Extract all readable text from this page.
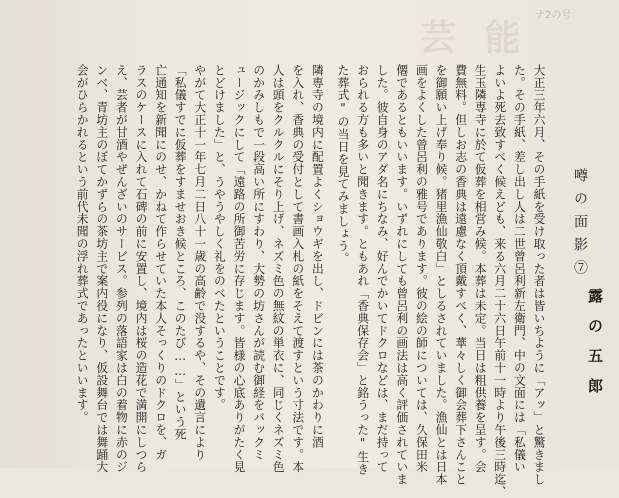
芸 能
ナ2の号
噂の面影⑦
露の五郎
大正三年六月、その手紙を受け取った者は皆いちように「アッ」と驚きまし
た。その手紙、差し出し人は二世曾呂利新左衛門、中の文面には「私儀い
よいよ死去致すべく候えども、来る六月二十六日午前十一時より午後三時迄、
生玉隣専寺に於て仮葬を相営み候。本葬は未定。当日は粗供養を呈す。会
費無料。但しお志の香典は遠慮なく頂戴すべく、華々しく御会葬下さんこと
を御願い上げ奉り候。猪里漁仙敬白」としるされていました。漁仙とは日本
画をよくした曾呂利の雅号であります。彼の絵の師については、久保田米
僊であるともいいます。いずれにしても曾呂利の画法は高く評価されていま
した。彼自身のアダ名にちなみ、好んでかいてドクロなどは、まだ持って
おられる方も多いと聞きます。ともあれ「香典保存会」と銘うった"生き
た葬式"の当日を見てみましょう。
隣専寺の境内に配置よくショウギを出し、ドビンには茶のかわりに酒
を入れ、香典の受付として書画入札の紙をそえて渡すという寸法です。本
人は頭をクルクルにそり上げ、ネズミ色の無紋の単衣に、同じくネズミ色
のかみしもで一段高い所にすわり、大勢の坊さんが読む御経をバックミ
ュージックにして「遠路の所御苦労に存じます。皆様の心底ありがたく見
とどけました」と、うやうやしく礼をのべたということです。
やがて大正十一年七月二日八十一歳の高齢で没するや、その遺言により
「私儀すでに仮葬をすませおき候ところ、このたび……」という死
亡通知を新聞にのせ、かねて作らせていた本人そっくりのドクロを、ガ
ラスのケースに入れて石碑の前に安置し、境内は桜の造花で満開にしつら
え、芸者が甘酒やぜんざいのサービス。参列の落語家は白の着物に赤のジ
ンベ、青坊主のぼてかずらの茶坊主で案内役になり、仮設舞台では舞踊大
会がひらかれるという前代未聞の浮れ葬式であったといいます。
